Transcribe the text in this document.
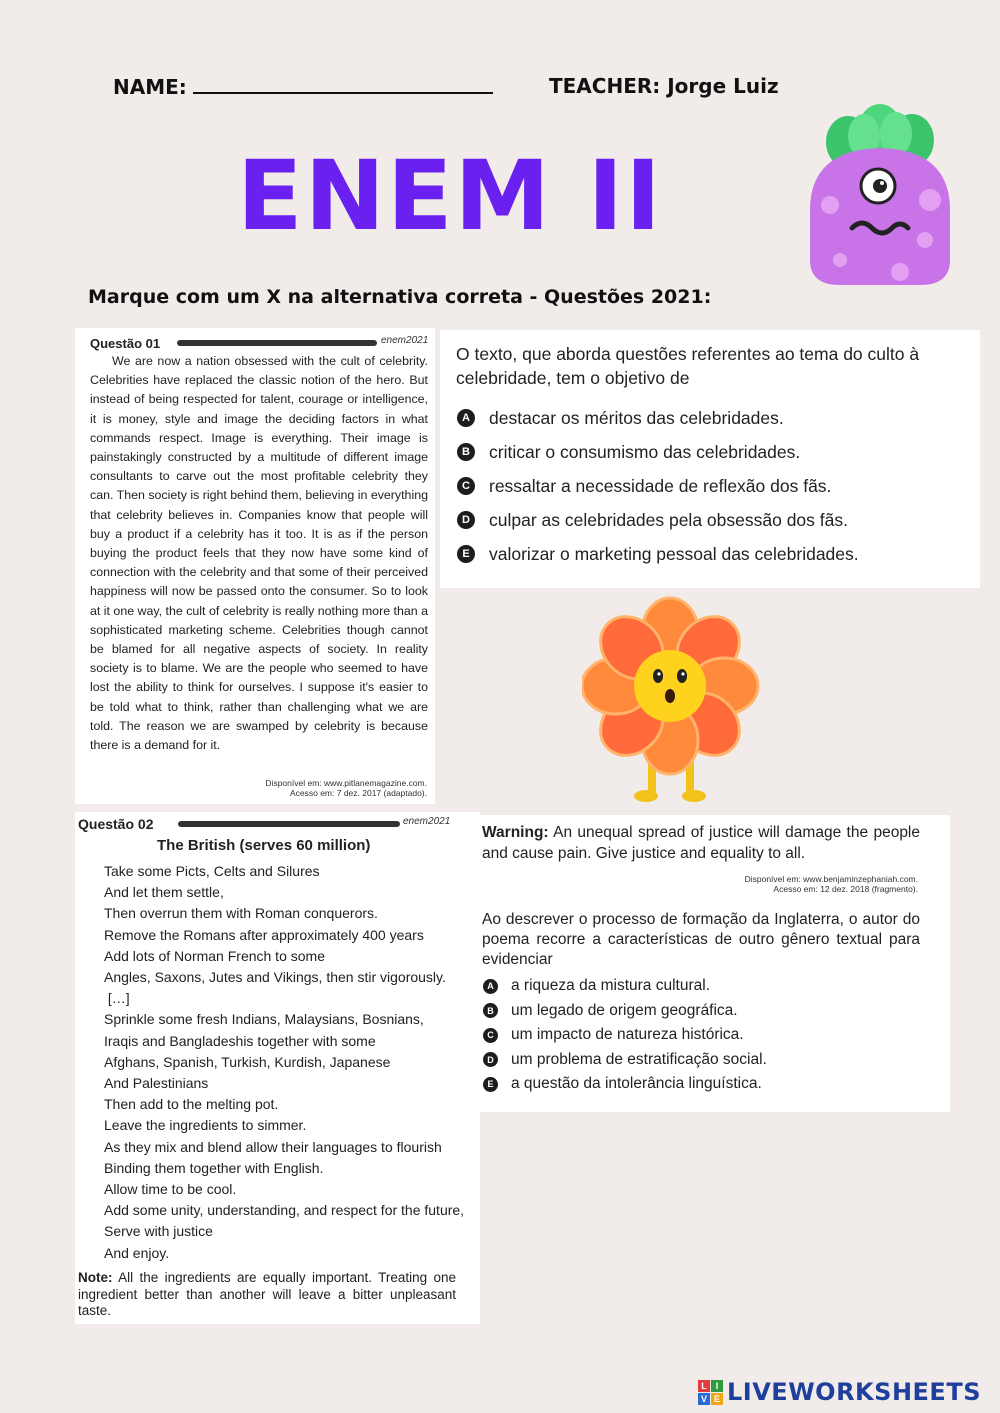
NAME:	TEACHER: Jorge Luiz
ENEM II
Marque com um X na alternativa correta - Questões 2021:
Questão 01	enem2021
We are now a nation obsessed with the cult of celebrity. Celebrities have replaced the classic notion of the hero. But instead of being respected for talent, courage or intelligence, it is money, style and image the deciding factors in what commands respect. Image is everything. Their image is painstakingly constructed by a multitude of different image consultants to carve out the most profitable celebrity they can. Then society is right behind them, believing in everything that celebrity believes in. Companies know that people will buy a product if a celebrity has it too. It is as if the person buying the product feels that they now have some kind of connection with the celebrity and that some of their perceived happiness will now be passed onto the consumer. So to look at it one way, the cult of celebrity is really nothing more than a sophisticated marketing scheme. Celebrities though cannot be blamed for all negative aspects of society. In reality society is to blame. We are the people who seemed to have lost the ability to think for ourselves. I suppose it's easier to be told what to think, rather than challenging what we are told. The reason we are swamped by celebrity is because there is a demand for it.
Disponível em: www.pitlanemagazine.com.
Acesso em: 7 dez. 2017 (adaptado).
O texto, que aborda questões referentes ao tema do culto à celebridade, tem o objetivo de
A destacar os méritos das celebridades.
B criticar o consumismo das celebridades.
C ressaltar a necessidade de reflexão dos fãs.
D culpar as celebridades pela obsessão dos fãs.
E	valorizar o marketing pessoal das celebridades.
Questão 02	enem2021
The British (serves 60 million)
Take some Picts, Celts and Silures
And let them settle,
Then overrun them with Roman conquerors.
Remove the Romans after approximately 400 years
Add lots of Norman French to some
Angles, Saxons, Jutes and Vikings, then stir vigorously.
[…]
Sprinkle some fresh Indians, Malaysians, Bosnians,
Iraqis and Bangladeshis together with some
Afghans, Spanish, Turkish, Kurdish, Japanese
And Palestinians
Then add to the melting pot.
Leave the ingredients to simmer.
As they mix and blend allow their languages to flourish
Binding them together with English.
Allow time to be cool.
Add some unity, understanding, and respect for the future,
Serve with justice
And enjoy.
Note: All the ingredients are equally important. Treating one ingredient better than another will leave a bitter unpleasant taste.
Warning: An unequal spread of justice will damage the people and cause pain. Give justice and equality to all.
Disponível em: www.benjaminzephaniah.com.
Acesso em: 12 dez. 2018 (fragmento).
Ao descrever o processo de formação da Inglaterra, o autor do poema recorre a características de outro gênero textual para evidenciar
A a riqueza da mistura cultural.
B um legado de origem geográfica.
C um impacto de natureza histórica.
D um problema de estratificação social.
E a questão da intolerância linguística.
L I
V E LIVE WORKSHEETS
